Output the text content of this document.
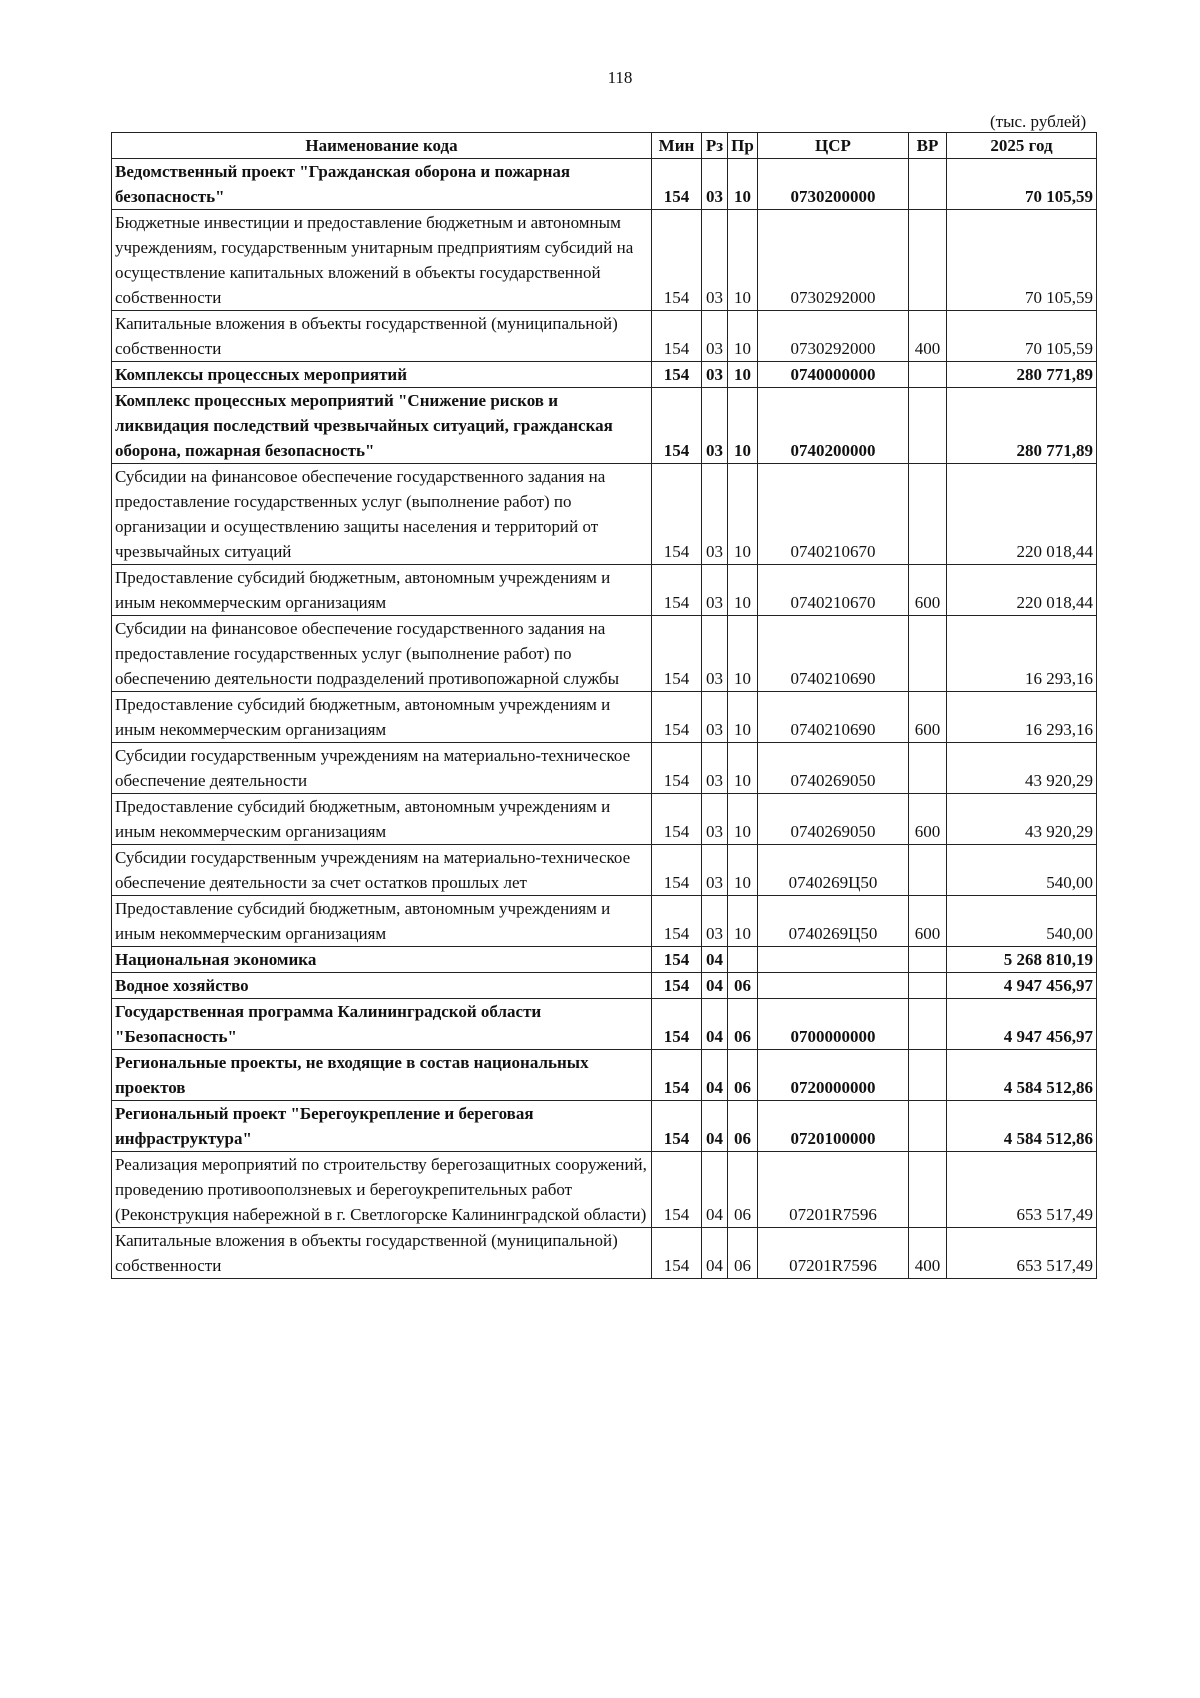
118
(тыс. рублей)
Наименование кода	Мин	Рз	Пр	ЦСР	ВР	2025 год
Ведомственный проект "Гражданская оборона и пожарная безопасность"	154	03	10	0730200000		70 105,59
Бюджетные инвестиции и предоставление бюджетным и автономным учреждениям, государственным унитарным предприятиям субсидий на осуществление капитальных вложений в объекты государственной собственности	154	03	10	0730292000		70 105,59
Капитальные вложения в объекты государственной (муниципальной) собственности	154	03	10	0730292000	400	70 105,59
Комплексы процессных мероприятий	154	03	10	0740000000		280 771,89
Комплекс процессных мероприятий "Снижение рисков и ликвидация последствий чрезвычайных ситуаций, гражданская оборона, пожарная безопасность"	154	03	10	0740200000		280 771,89
Субсидии на финансовое обеспечение государственного задания на предоставление государственных услуг (выполнение работ) по организации и осуществлению защиты населения и территорий от чрезвычайных ситуаций	154	03	10	0740210670		220 018,44
Предоставление субсидий бюджетным, автономным учреждениям и иным некоммерческим организациям	154	03	10	0740210670	600	220 018,44
Субсидии на финансовое обеспечение государственного задания на предоставление государственных услуг (выполнение работ) по обеспечению деятельности подразделений противопожарной службы	154	03	10	0740210690		16 293,16
Предоставление субсидий бюджетным, автономным учреждениям и иным некоммерческим организациям	154	03	10	0740210690	600	16 293,16
Субсидии государственным учреждениям на материально-техническое обеспечение деятельности	154	03	10	0740269050		43 920,29
Предоставление субсидий бюджетным, автономным учреждениям и иным некоммерческим организациям	154	03	10	0740269050	600	43 920,29
Субсидии государственным учреждениям на материально-техническое обеспечение деятельности за счет остатков прошлых лет	154	03	10	0740269Ц50		540,00
Предоставление субсидий бюджетным, автономным учреждениям и иным некоммерческим организациям	154	03	10	0740269Ц50	600	540,00
Национальная экономика	154	04				5 268 810,19
Водное хозяйство	154	04	06			4 947 456,97
Государственная программа Калининградской области "Безопасность"	154	04	06	0700000000		4 947 456,97
Региональные проекты, не входящие в состав национальных проектов	154	04	06	0720000000		4 584 512,86
Региональный проект "Берегоукрепление и береговая инфраструктура"	154	04	06	0720100000		4 584 512,86
Реализация мероприятий по строительству берегозащитных сооружений, проведению противооползневых и берегоукрепительных работ (Реконструкция набережной в г. Светлогорске Калининградской области)	154	04	06	07201R7596		653 517,49
Капитальные вложения в объекты государственной (муниципальной) собственности	154	04	06	07201R7596	400	653 517,49
